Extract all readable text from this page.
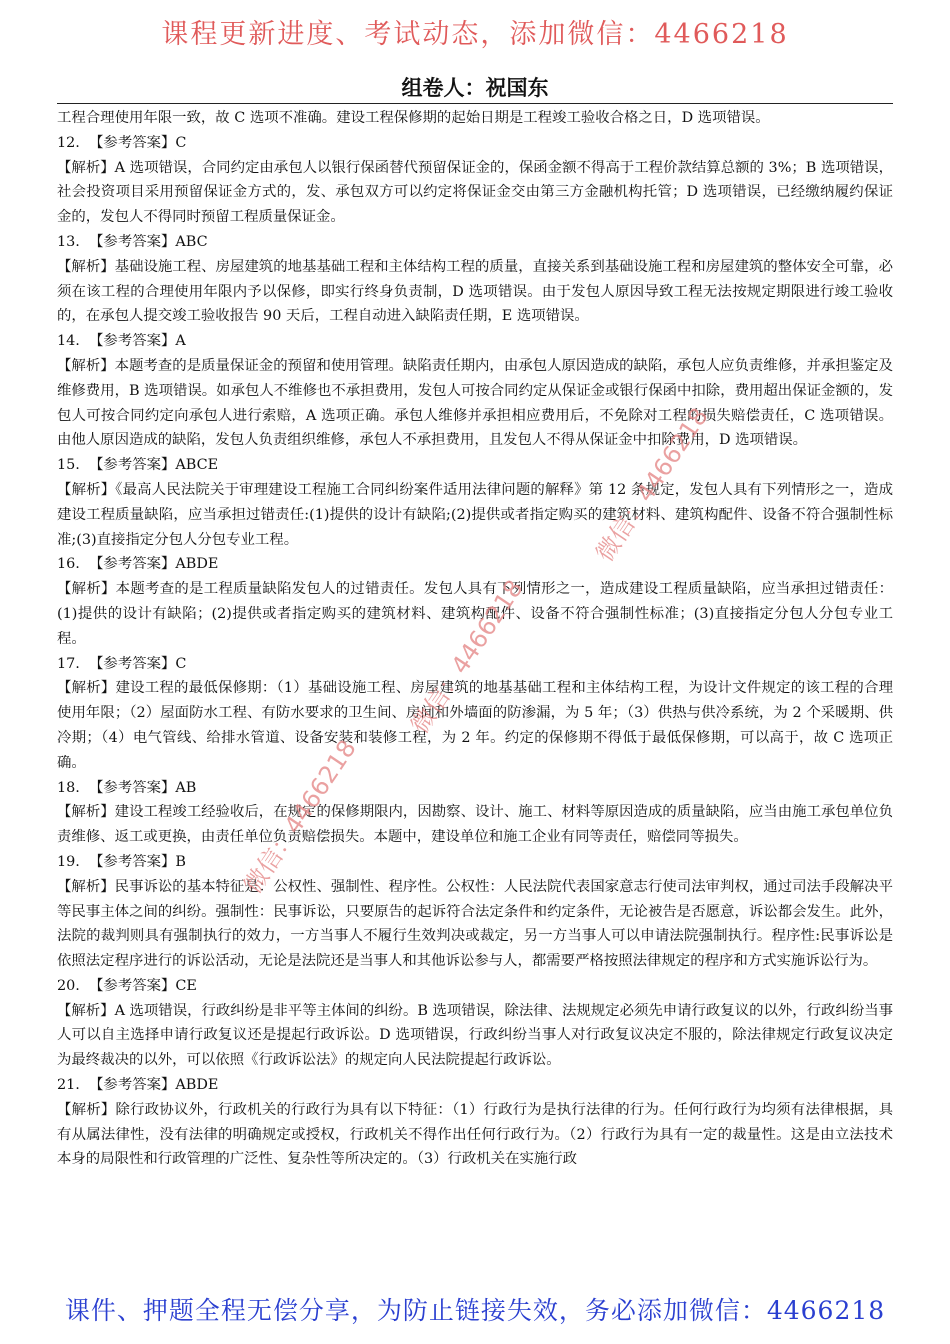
课程更新进度、考试动态，添加微信：4466218
组卷人：祝国东

工程合理使用年限一致，故 C 选项不准确。建设工程保修期的起始日期是工程竣工验收合格之日，D 选项错误。

12.  【参考答案】C

【解析】A 选项错误，合同约定由承包人以银行保函替代预留保证金的，保函金额不得高于工程价款结算总额的 3%；B 选项错误，社会投资项目采用预留保证金方式的，发、承包双方可以约定将保证金交由第三方金融机构托管；D 选项错误，已经缴纳履约保证金的，发包人不得同时预留工程质量保证金。

13.  【参考答案】ABC

【解析】基础设施工程、房屋建筑的地基基础工程和主体结构工程的质量，直接关系到基础设施工程和房屋建筑的整体安全可靠，必须在该工程的合理使用年限内予以保修，即实行终身负责制，D 选项错误。由于发包人原因导致工程无法按规定期限进行竣工验收的，在承包人提交竣工验收报告 90 天后，工程自动进入缺陷责任期，E 选项错误。

14.  【参考答案】A

【解析】本题考查的是质量保证金的预留和使用管理。缺陷责任期内，由承包人原因造成的缺陷，承包人应负责维修，并承担鉴定及维修费用，B 选项错误。如承包人不维修也不承担费用，发包人可按合同约定从保证金或银行保函中扣除，费用超出保证金额的，发包人可按合同约定向承包人进行索赔，A 选项正确。承包人维修并承担相应费用后，不免除对工程的损失赔偿责任，C 选项错误。由他人原因造成的缺陷，发包人负责组织维修，承包人不承担费用，且发包人不得从保证金中扣除费用，D 选项错误。

15.  【参考答案】ABCE

【解析】《最高人民法院关于审理建设工程施工合同纠纷案件适用法律问题的解释》第 12 条规定，发包人具有下列情形之一，造成建设工程质量缺陷，应当承担过错责任:(1)提供的设计有缺陷;(2)提供或者指定购买的建筑材料、建筑构配件、设备不符合强制性标准;(3)直接指定分包人分包专业工程。

16.  【参考答案】ABDE

【解析】本题考查的是工程质量缺陷发包人的过错责任。发包人具有下列情形之一，造成建设工程质量缺陷，应当承担过错责任：(1)提供的设计有缺陷；(2)提供或者指定购买的建筑材料、建筑构配件、设备不符合强制性标准；(3)直接指定分包人分包专业工程。

17.  【参考答案】C

【解析】建设工程的最低保修期：（1）基础设施工程、房屋建筑的地基基础工程和主体结构工程，为设计文件规定的该工程的合理使用年限；（2）屋面防水工程、有防水要求的卫生间、房间和外墙面的防渗漏，为 5 年；（3）供热与供冷系统，为 2 个采暖期、供冷期；（4）电气管线、给排水管道、设备安装和装修工程，为 2 年。约定的保修期不得低于最低保修期，可以高于，故 C 选项正确。

18.  【参考答案】AB

【解析】建设工程竣工经验收后，在规定的保修期限内，因勘察、设计、施工、材料等原因造成的质量缺陷，应当由施工承包单位负责维修、返工或更换，由责任单位负责赔偿损失。本题中，建设单位和施工企业有同等责任，赔偿同等损失。

19.  【参考答案】B

【解析】民事诉讼的基本特征是：公权性、强制性、程序性。公权性：人民法院代表国家意志行使司法审判权，通过司法手段解决平等民事主体之间的纠纷。强制性：民事诉讼，只要原告的起诉符合法定条件和约定条件，无论被告是否愿意，诉讼都会发生。此外，法院的裁判则具有强制执行的效力，一方当事人不履行生效判决或裁定，另一方当事人可以申请法院强制执行。程序性:民事诉讼是依照法定程序进行的诉讼活动，无论是法院还是当事人和其他诉讼参与人，都需要严格按照法律规定的程序和方式实施诉讼行为。

20.  【参考答案】CE

【解析】A 选项错误，行政纠纷是非平等主体间的纠纷。B 选项错误，除法律、法规规定必须先申请行政复议的以外，行政纠纷当事人可以自主选择申请行政复议还是提起行政诉讼。D 选项错误，行政纠纷当事人对行政复议决定不服的，除法律规定行政复议决定为最终裁决的以外，可以依照《行政诉讼法》的规定向人民法院提起行政诉讼。

21.  【参考答案】ABDE

【解析】除行政协议外，行政机关的行政行为具有以下特征：（1）行政行为是执行法律的行为。任何行政行为均须有法律根据，具有从属法律性，没有法律的明确规定或授权，行政机关不得作出任何行政行为。（2）行政行为具有一定的裁量性。这是由立法技术本身的局限性和行政管理的广泛性、复杂性等所决定的。（3）行政机关在实施行政

微信：4466218
微信：4466218
微信：4466218
课件、押题全程无偿分享，为防止链接失效，务必添加微信：4466218
